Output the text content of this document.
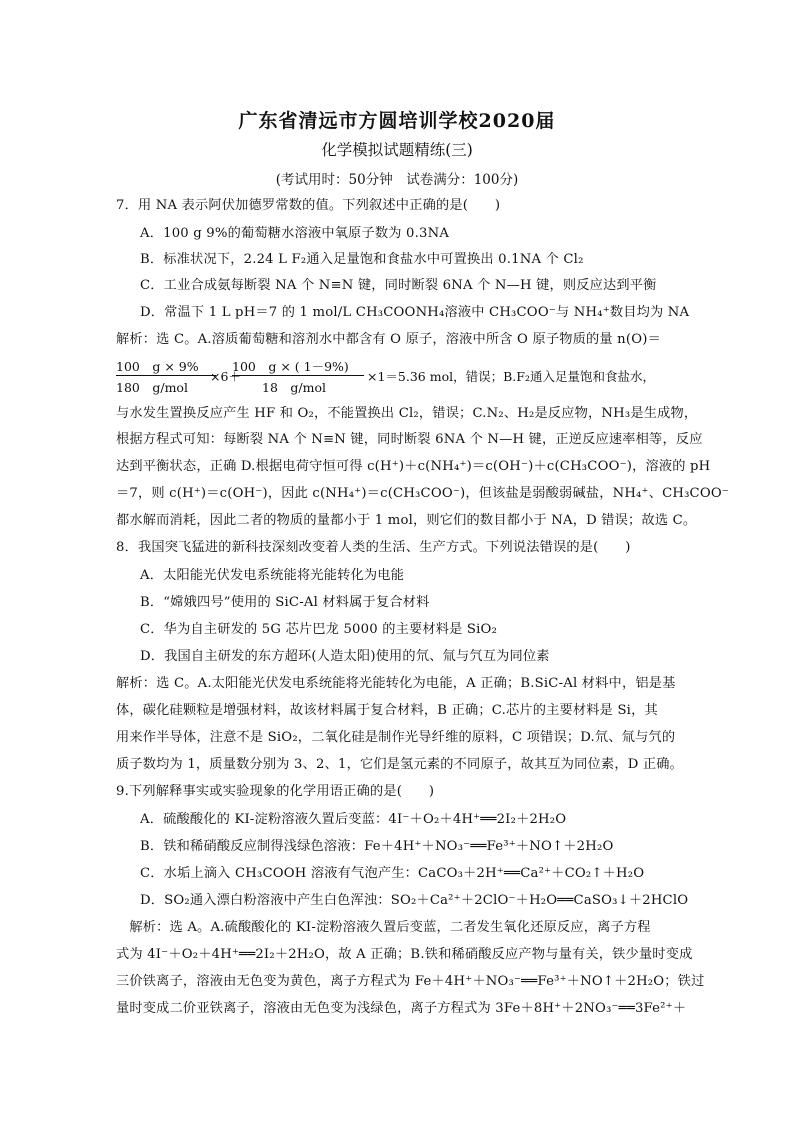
广东省清远市方圆培训学校2020届
化学模拟试题精练(三)
(考试用时：50分钟　试卷满分：100分)
7．用 NA 表示阿伏加德罗常数的值。下列叙述中正确的是(　　)
A．100 g 9%的葡萄糖水溶液中氧原子数为 0.3NA
B．标准状况下，2.24 L F₂通入足量饱和食盐水中可置换出 0.1NA 个 Cl₂
C．工业合成氨每断裂 NA 个 N≡N 键，同时断裂 6NA 个 N—H 键，则反应达到平衡
D．常温下 1 L pH＝7 的 1 mol/L CH₃COONH₄溶液中 CH₃COO⁻与 NH₄⁺数目均为 NA
解析：选 C。A.溶质葡萄糖和溶剂水中都含有 O 原子，溶液中所含 O 原子物质的量 n(O)＝
100　g × 9%
180　g/mol
×6＋
100　g × ( 1－9%)
18　g/mol
×1＝5.36 mol，错误；B.F₂通入足量饱和食盐水，
与水发生置换反应产生 HF 和 O₂，不能置换出 Cl₂，错误；C.N₂、H₂是反应物，NH₃是生成物，
根据方程式可知：每断裂 NA 个 N≡N 键，同时断裂 6NA 个 N—H 键，正逆反应速率相等，反应
达到平衡状态，正确 D.根据电荷守恒可得 c(H⁺)＋c(NH₄⁺)＝c(OH⁻)＋c(CH₃COO⁻)，溶液的 pH
＝7，则 c(H⁺)＝c(OH⁻)，因此 c(NH₄⁺)＝c(CH₃COO⁻)，但该盐是弱酸弱碱盐，NH₄⁺、CH₃COO⁻
都水解而消耗，因此二者的物质的量都小于 1 mol，则它们的数目都小于 NA，D 错误；故选 C。
8．我国突飞猛进的新科技深刻改变着人类的生活、生产方式。下列说法错误的是(　　)
A．太阳能光伏发电系统能将光能转化为电能
B．“嫦娥四号”使用的 SiC-Al 材料属于复合材料
C．华为自主研发的 5G 芯片巴龙 5000 的主要材料是 SiO₂
D．我国自主研发的东方超环(人造太阳)使用的氘、氚与氕互为同位素
解析：选 C。A.太阳能光伏发电系统能将光能转化为电能，A 正确；B.SiC-Al 材料中，铝是基
体，碳化硅颗粒是增强材料，故该材料属于复合材料，B 正确；C.芯片的主要材料是 Si，其
用来作半导体，注意不是 SiO₂，二氧化硅是制作光导纤维的原料，C 项错误；D.氘、氚与氕的
质子数均为 1，质量数分别为 3、2、1，它们是氢元素的不同原子，故其互为同位素，D 正确。
9.下列解释事实或实验现象的化学用语正确的是(　　)
A．硫酸酸化的 KI-淀粉溶液久置后变蓝：4I⁻＋O₂＋4H⁺══2I₂＋2H₂O
B．铁和稀硝酸反应制得浅绿色溶液：Fe＋4H⁺＋NO₃⁻══Fe³⁺＋NO↑＋2H₂O
C．水垢上滴入 CH₃COOH 溶液有气泡产生：CaCO₃＋2H⁺══Ca²⁺＋CO₂↑＋H₂O
D．SO₂通入漂白粉溶液中产生白色浑浊：SO₂＋Ca²⁺＋2ClO⁻＋H₂O══CaSO₃↓＋2HClO
　解析：选 A。A.硫酸酸化的 KI-淀粉溶液久置后变蓝，二者发生氧化还原反应，离子方程
式为 4I⁻＋O₂＋4H⁺══2I₂＋2H₂O，故 A 正确；B.铁和稀硝酸反应产物与量有关，铁少量时变成
三价铁离子，溶液由无色变为黄色，离子方程式为 Fe＋4H⁺＋NO₃⁻══Fe³⁺＋NO↑＋2H₂O；铁过
量时变成二价亚铁离子，溶液由无色变为浅绿色，离子方程式为 3Fe＋8H⁺＋2NO₃⁻══3Fe²⁺＋
